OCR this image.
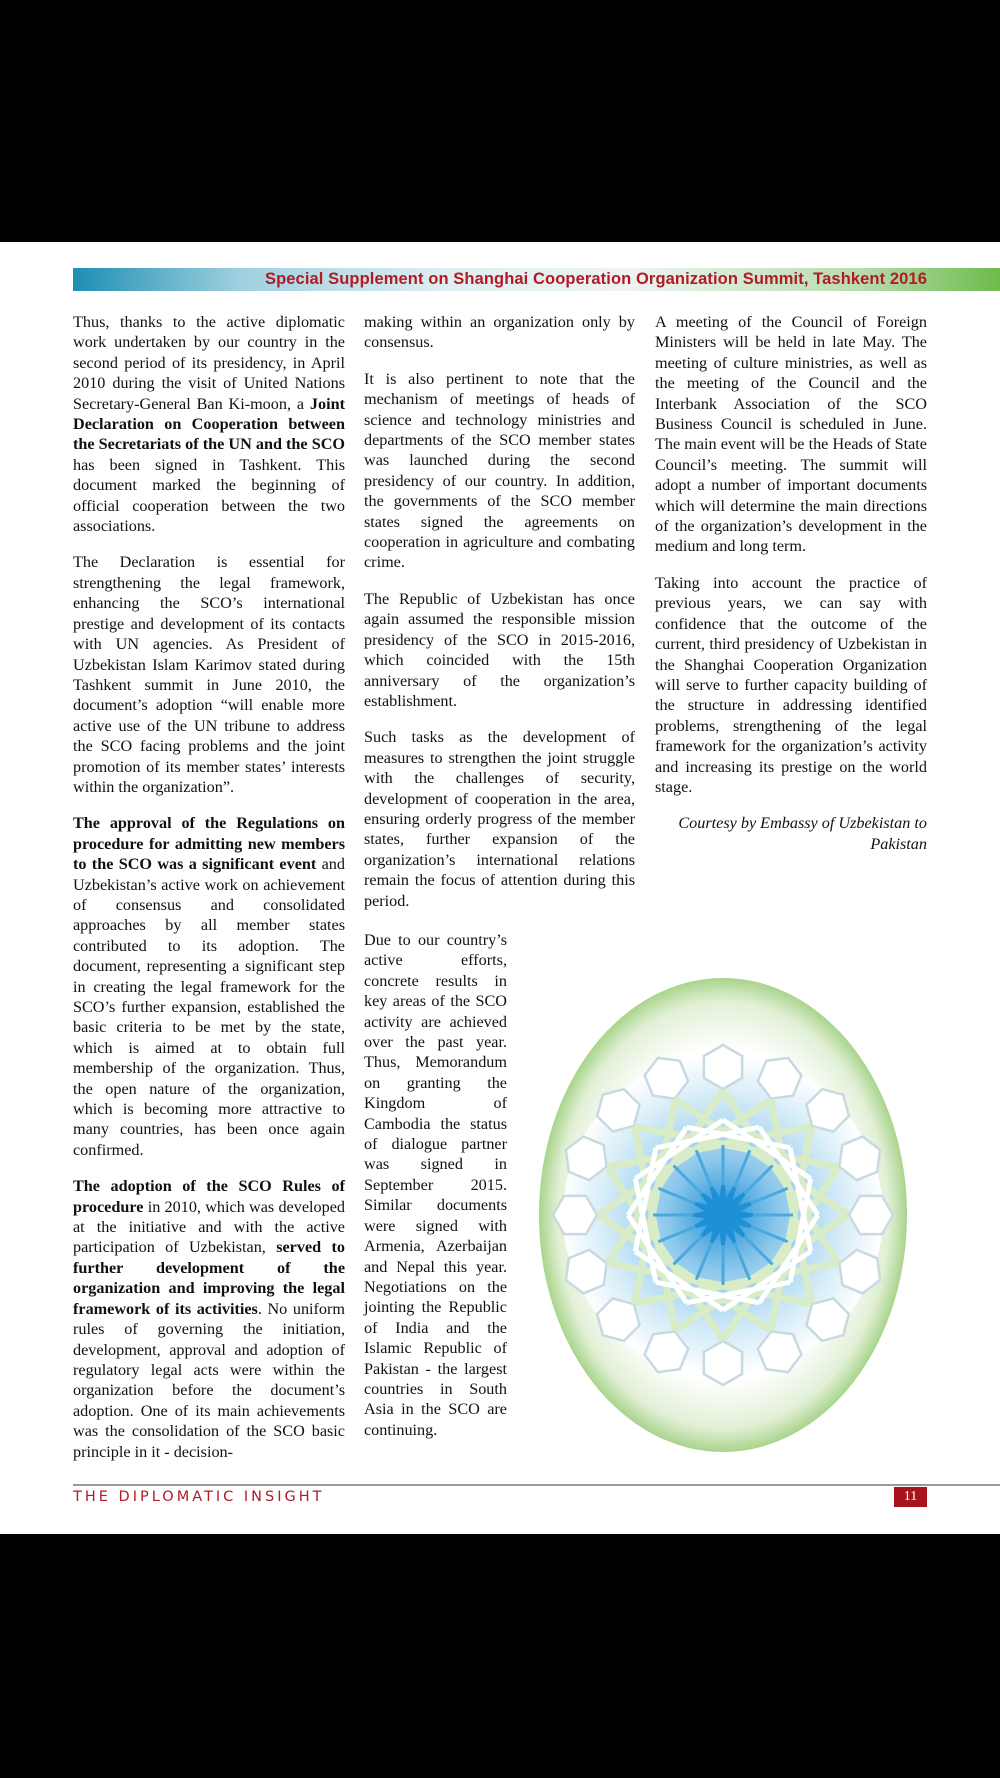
Special Supplement on Shanghai Cooperation Organization Summit, Tashkent 2016

Thus, thanks to the active diplomatic work undertaken by our country in the second period of its presidency, in April 2010 during the visit of United Nations Secretary-General Ban Ki-moon, a Joint Declaration on Cooperation between the Secretariats of the UN and the SCO has been signed in Tashkent. This document marked the beginning of official cooperation between the two associations.

The Declaration is essential for strengthening the legal framework, enhancing the SCO’s international prestige and development of its contacts with UN agencies. As President of Uzbekistan Islam Karimov stated during Tashkent summit in June 2010, the document’s adoption “will enable more active use of the UN tribune to address the SCO facing problems and the joint promotion of its member states’ interests within the organization”.

The approval of the Regulations on procedure for admitting new members to the SCO was a significant event and Uzbekistan’s active work on achievement of consensus and consolidated approaches by all member states contributed to its adoption. The document, representing a significant step in creating the legal framework for the SCO’s further expansion, established the basic criteria to be met by the state, which is aimed at to obtain full membership of the organization. Thus, the open nature of the organization, which is becoming more attractive to many countries, has been once again confirmed.

The adoption of the SCO Rules of procedure in 2010, which was developed at the initiative and with the active participation of Uzbekistan, served to further development of the organization and improving the legal framework of its activities. No uniform rules of governing the initiation, development, approval and adoption of regulatory legal acts were within the organization before the document’s adoption. One of its main achievements was the consolidation of the SCO basic principle in it - decision-

making within an organization only by consensus.

It is also pertinent to note that the mechanism of meetings of heads of science and technology ministries and departments of the SCO member states was launched during the second presidency of our country. In addition, the governments of the SCO member states signed the agreements on cooperation in agriculture and combating crime.

The Republic of Uzbekistan has once again assumed the responsible mission presidency of the SCO in 2015-2016, which coincided with the 15th anniversary of the organization’s establishment.

Such tasks as the development of measures to strengthen the joint struggle with the challenges of security, development of cooperation in the area, ensuring orderly progress of the member states, further expansion of the organization’s international relations remain the focus of attention during this period.

Due to our country’s active efforts, concrete results in key areas of the SCO activity are achieved over the past year. Thus, Memorandum on granting the Kingdom of Cambodia the status of dialogue partner was signed in September 2015. Similar documents were signed with Armenia, Azerbaijan and Nepal this year. Negotiations on the jointing the Republic of India and the Islamic Republic of Pakistan - the largest countries in South Asia in the SCO are continuing.

A meeting of the Council of Foreign Ministers will be held in late May. The meeting of culture ministries, as well as the meeting of the Council and the Interbank Association of the SCO Business Council is scheduled in June. The main event will be the Heads of State Council’s meeting. The summit will adopt a number of important documents which will determine the main directions of the organization’s development in the medium and long term.

Taking into account the practice of previous years, we can say with confidence that the outcome of the current, third presidency of Uzbekistan in the Shanghai Cooperation Organization will serve to further capacity building of the structure in addressing identified problems, strengthening of the legal framework for the organization’s activity and increasing its prestige on the world stage.

Courtesy by Embassy of Uzbekistan to Pakistan

THE DIPLOMATIC INSIGHT	11
